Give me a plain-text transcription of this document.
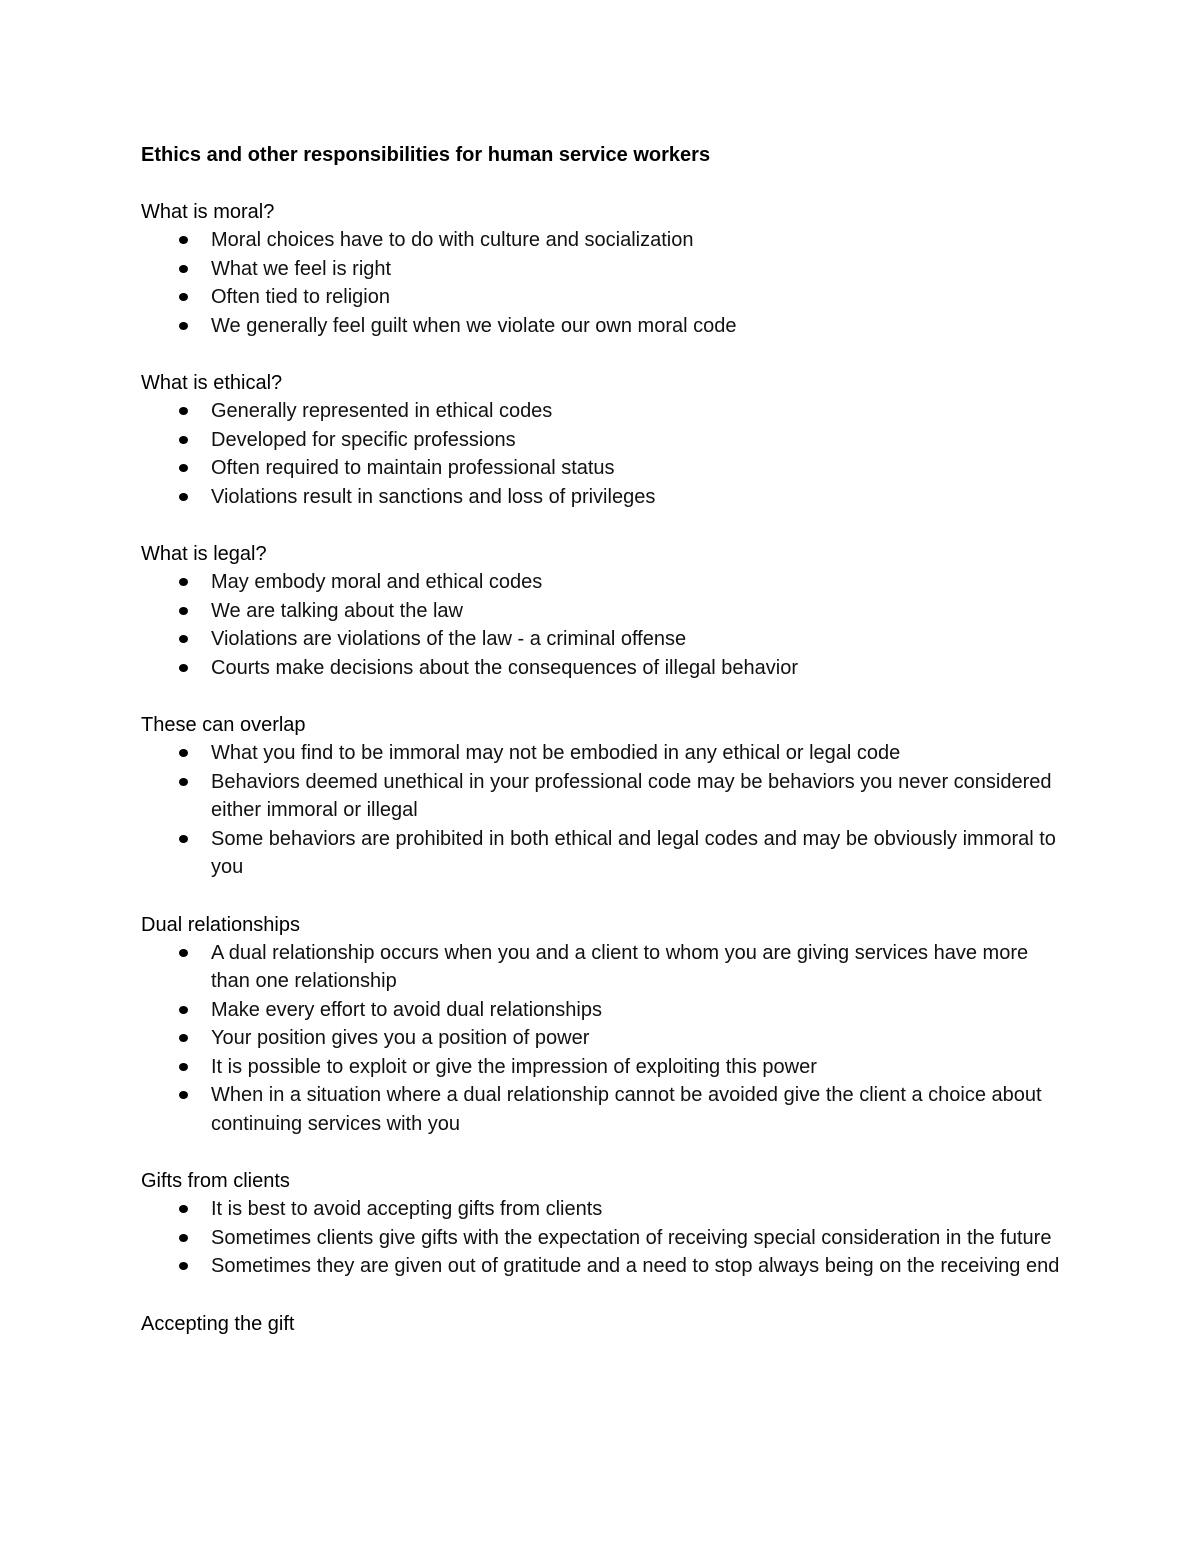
Ethics and other responsibilities for human service workers

What is moral?

Moral choices have to do with culture and socialization
What we feel is right
Often tied to religion
We generally feel guilt when we violate our own moral code

What is ethical?

Generally represented in ethical codes
Developed for specific professions
Often required to maintain professional status
Violations result in sanctions and loss of privileges

What is legal?

May embody moral and ethical codes
We are talking about the law
Violations are violations of the law - a criminal offense
Courts make decisions about the consequences of illegal behavior

These can overlap

What you find to be immoral may not be embodied in any ethical or legal code
Behaviors deemed unethical in your professional code may be behaviors you never considered either immoral or illegal
Some behaviors are prohibited in both ethical and legal codes and may be obviously immoral to you

Dual relationships

A dual relationship occurs when you and a client to whom you are giving services have more than one relationship
Make every effort to avoid dual relationships
Your position gives you a position of power
It is possible to exploit or give the impression of exploiting this power
When in a situation where a dual relationship cannot be avoided give the client a choice about continuing services with you

Gifts from clients

It is best to avoid accepting gifts from clients
Sometimes clients give gifts with the expectation of receiving special consideration in the future
Sometimes they are given out of gratitude and a need to stop always being on the receiving end

Accepting the gift
